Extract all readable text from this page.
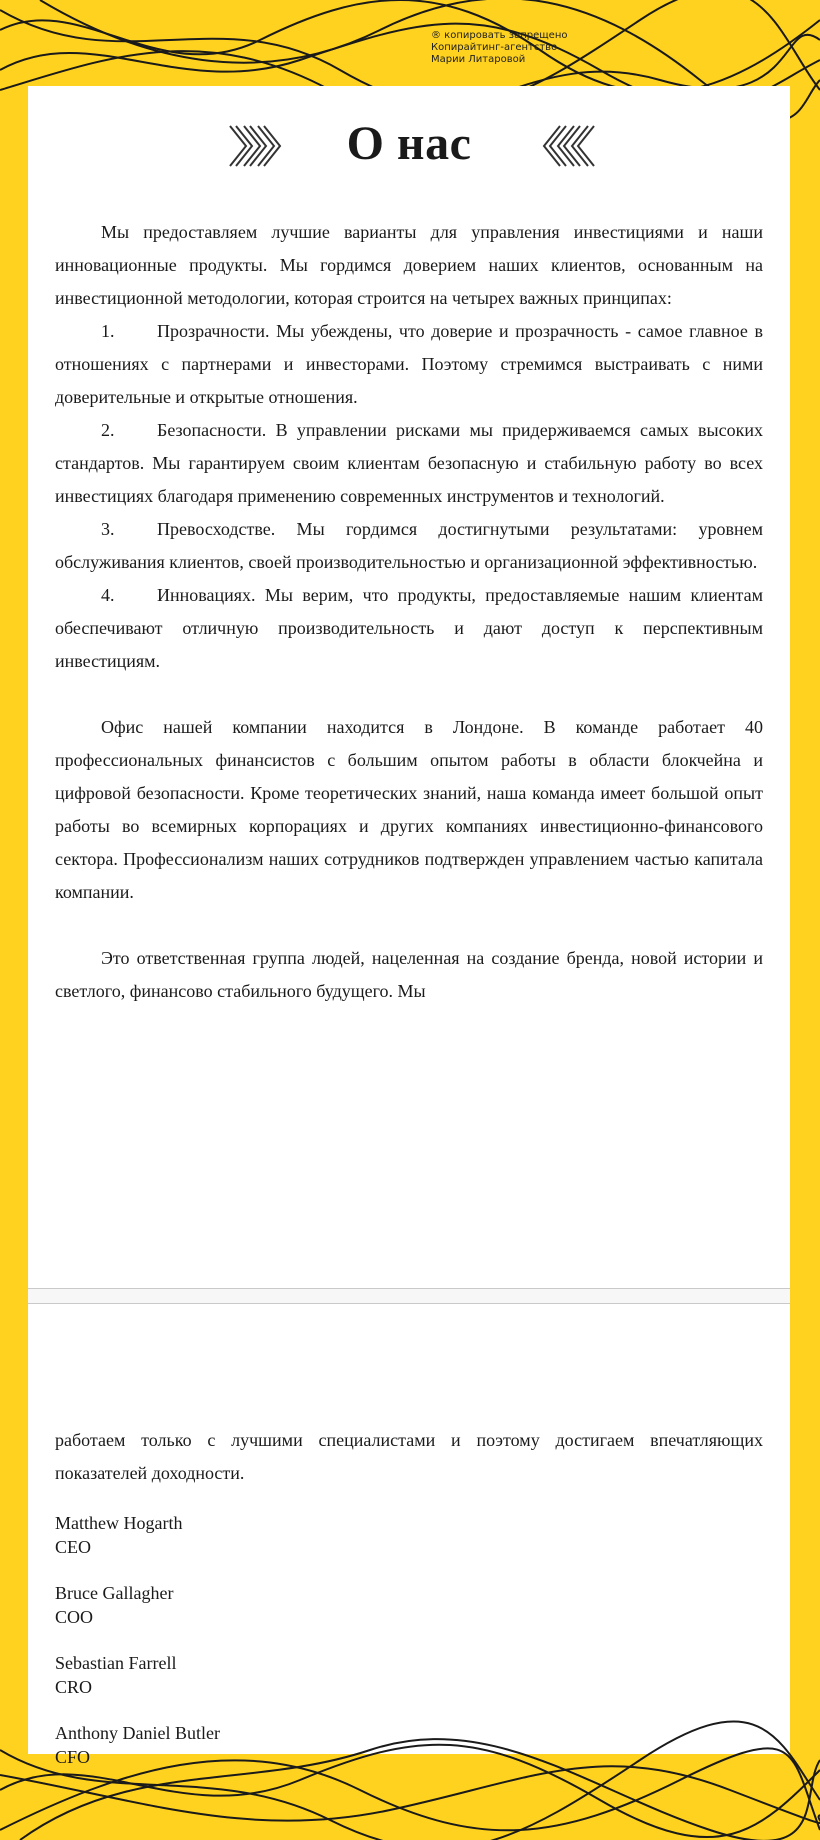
® копировать запрещено
Копирайтинг-агентство
Марии Литаровой
О нас

Мы предоставляем лучшие варианты для управления инвестициями и наши инновационные продукты. Мы гордимся доверием наших клиентов, основанным на инвестиционной методологии, которая строится на четырех важных принципах:

1. Прозрачности. Мы убеждены, что доверие и прозрачность - самое главное в отношениях с партнерами и инвесторами. Поэтому стремимся выстраивать с ними доверительные и открытые отношения.

2. Безопасности. В управлении рисками мы придерживаемся самых высоких стандартов. Мы гарантируем своим клиентам безопасную и стабильную работу во всех инвестициях благодаря применению современных инструментов и технологий.

3. Превосходстве. Мы гордимся достигнутыми результатами: уровнем обслуживания клиентов, своей производительностью и организационной эффективностью.

4. Инновациях. Мы верим, что продукты, предоставляемые нашим клиентам обеспечивают отличную производительность и дают доступ к перспективным инвестициям.

Офис нашей компании находится в Лондоне. В команде работает 40 профессиональных финансистов с большим опытом работы в области блокчейна и цифровой безопасности. Кроме теоретических знаний, наша команда имеет большой опыт работы во всемирных корпорациях и других компаниях инвестиционно-финансового сектора. Профессионализм наших сотрудников подтвержден управлением частью капитала компании.

Это ответственная группа людей, нацеленная на создание бренда, новой истории и светлого, финансово стабильного будущего. Мы

работаем только с лучшими специалистами и поэтому достигаем впечатляющих показателей доходности.

Matthew Hogarth
CEO
Bruce Gallagher
COO
Sebastian Farrell
CRO
Anthony Daniel Butler
CFO
